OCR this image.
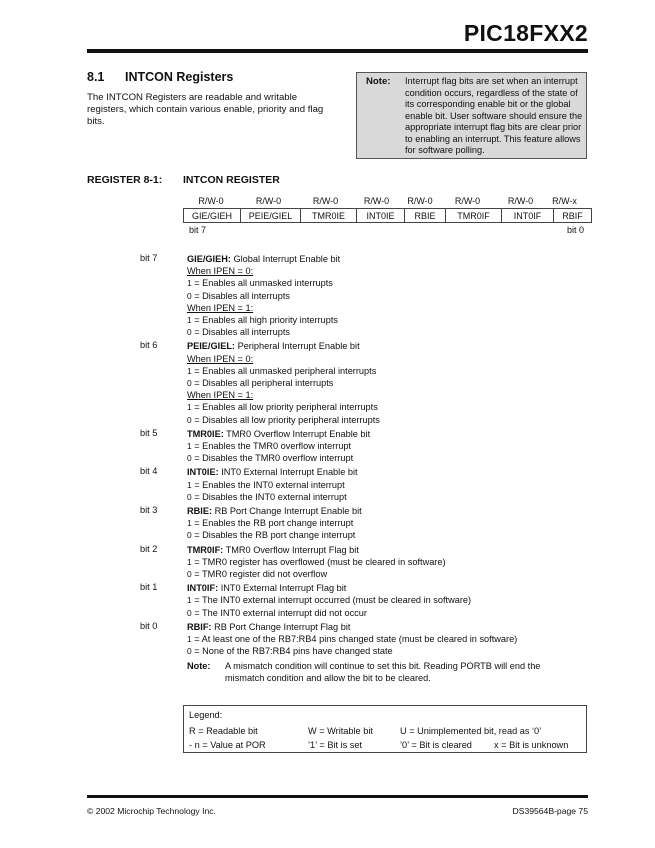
PIC18FXX2
8.1 INTCON Registers
The INTCON Registers are readable and writable registers, which contain various enable, priority and flag bits.
Note: Interrupt flag bits are set when an interrupt condition occurs, regardless of the state of its corresponding enable bit or the global enable bit. User software should ensure the appropriate interrupt flag bits are clear prior to enabling an interrupt. This feature allows for software polling.
REGISTER 8-1: INTCON REGISTER
R/W-0	R/W-0	R/W-0	R/W-0	R/W-0	R/W-0	R/W-0	R/W-x
GIE/GIEH	PEIE/GIEL	TMR0IE	INT0IE	RBIE	TMR0IF	INT0IF	RBIF
bit 7	bit 0
bit 7	GIE/GIEH: Global Interrupt Enable bit
When IPEN = 0:
1 = Enables all unmasked interrupts
0 = Disables all interrupts
When IPEN = 1:
1 = Enables all high priority interrupts
0 = Disables all interrupts
bit 6	PEIE/GIEL: Peripheral Interrupt Enable bit
When IPEN = 0:
1 = Enables all unmasked peripheral interrupts
0 = Disables all peripheral interrupts
When IPEN = 1:
1 = Enables all low priority peripheral interrupts
0 = Disables all low priority peripheral interrupts
bit 5	TMR0IE: TMR0 Overflow Interrupt Enable bit
1 = Enables the TMR0 overflow interrupt
0 = Disables the TMR0 overflow interrupt
bit 4	INT0IE: INT0 External Interrupt Enable bit
1 = Enables the INT0 external interrupt
0 = Disables the INT0 external interrupt
bit 3	RBIE: RB Port Change Interrupt Enable bit
1 = Enables the RB port change interrupt
0 = Disables the RB port change interrupt
bit 2	TMR0IF: TMR0 Overflow Interrupt Flag bit
1 = TMR0 register has overflowed (must be cleared in software)
0 = TMR0 register did not overflow
bit 1	INT0IF: INT0 External Interrupt Flag bit
1 = The INT0 external interrupt occurred (must be cleared in software)
0 = The INT0 external interrupt did not occur
bit 0	RBIF: RB Port Change Interrupt Flag bit
1 = At least one of the RB7:RB4 pins changed state (must be cleared in software)
0 = None of the RB7:RB4 pins have changed state
Note:	A mismatch condition will continue to set this bit. Reading PORTB will end the mismatch condition and allow the bit to be cleared.
Legend:
R = Readable bit	W = Writable bit	U = Unimplemented bit, read as ‘0’
- n = Value at POR	’1’ = Bit is set	’0’ = Bit is cleared x = Bit is unknown
© 2002 Microchip Technology Inc.	DS39564B-page 75
